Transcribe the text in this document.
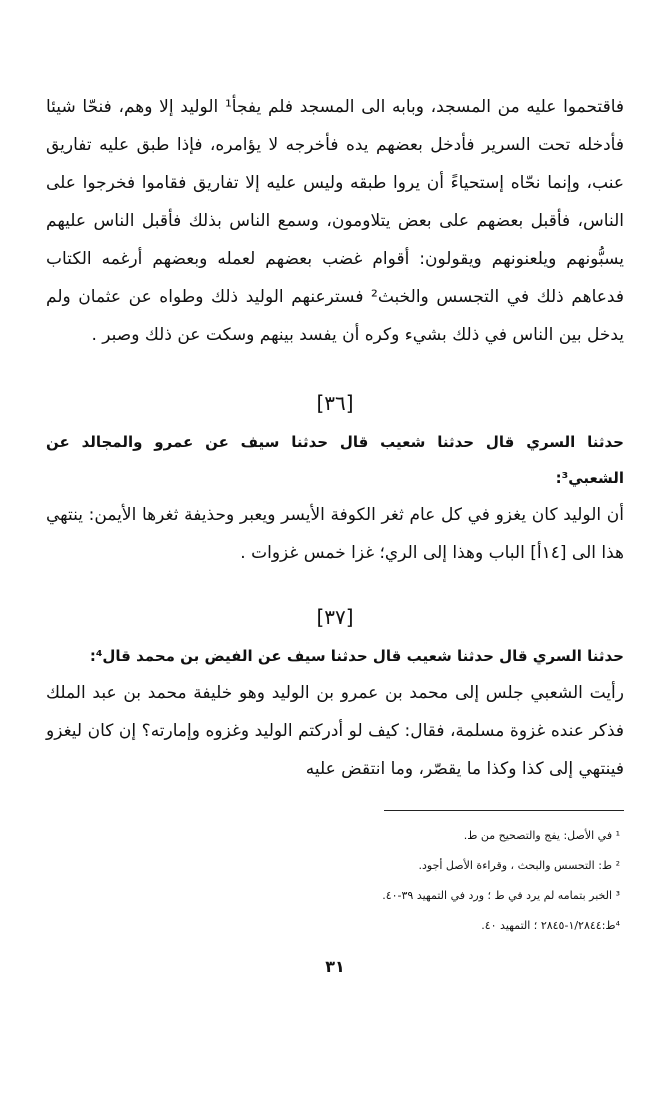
فاقتحموا عليه من المسجد، وبابه الى المسجد فلم يفجأ¹ الوليد إلا وهم، فنحّا شيئا فأدخله تحت السرير فأدخل بعضهم يده فأخرجه لا يؤامره، فإذا طبق عليه تفاريق عنب، وإنما نحّاه إستحياءً أن يروا طبقه وليس عليه إلا تفاريق فقاموا فخرجوا على الناس، فأقبل بعضهم على بعض يتلاومون، وسمع الناس بذلك فأقبل الناس عليهم يسبُّونهم ويلعنونهم ويقولون: أقوام غضب بعضهم لعمله وبعضهم أرغمه الكتاب فدعاهم ذلك في التجسس والخبث² فسترعنهم الوليد ذلك وطواه عن عثمان ولم يدخل بين الناس في ذلك بشيء وكره أن يفسد بينهم وسكت عن ذلك وصبر .

[٣٦]

حدثنا السري قال حدثنا شعيب قال حدثنا سيف عن عمرو والمجالد عن الشعبي³:

أن الوليد كان يغزو في كل عام ثغر الكوفة الأيسر ويعبر وحذيفة ثغرها الأيمن: ينتهي هذا الى [١٤أ] الباب وهذا إلى الري؛ غزا خمس غزوات .

[٣٧]

حدثنا السري قال حدثنا شعيب قال حدثنا سيف عن الفيض بن محمد قال⁴:

رأيت الشعبي جلس إلى محمد بن عمرو بن الوليد وهو خليفة محمد بن عبد الملك فذكر عنده غزوة مسلمة، فقال: كيف لو أدركتم الوليد وغزوه وإمارته؟ إن كان ليغزو فينتهي إلى كذا وكذا ما يقصّر، وما انتقض عليه

¹ في الأصل: يفج والتصحيح من ط.
² ط: التحسس والبحث ، وقراءة الأصل أجود.
³ الخبر بتمامه لم يرد في ط ؛ ورد في التمهيد ٣٩-٤٠.
⁴ط:١/٢٨٤٤-٢٨٤٥ ؛ التمهيد ٤٠.
٣١
